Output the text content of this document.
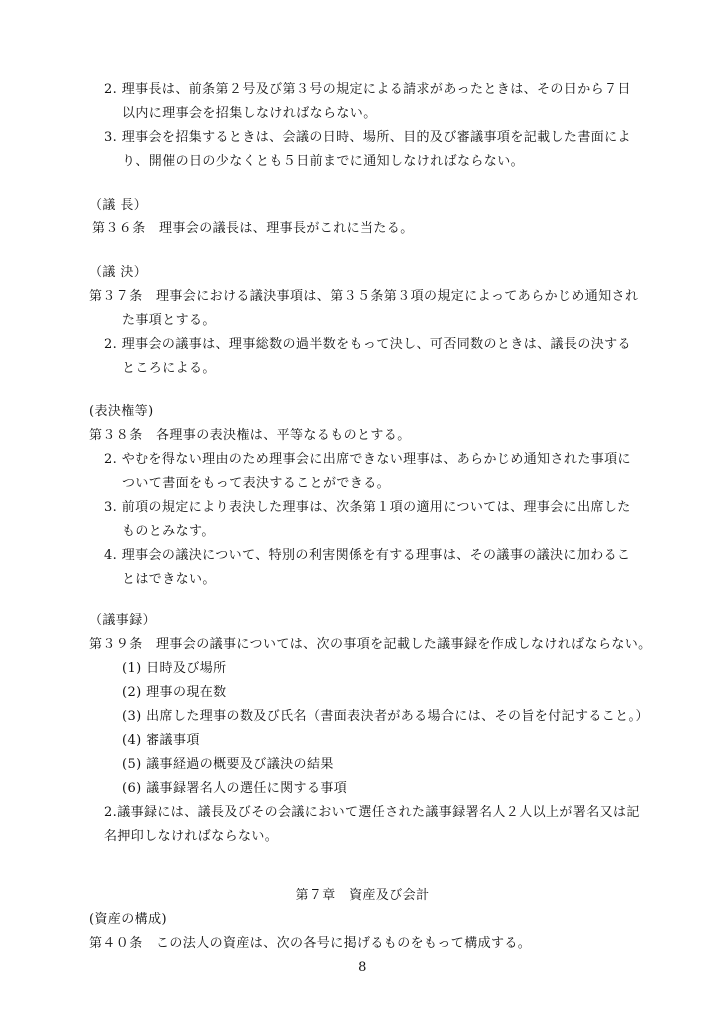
2. 理事長は、前条第２号及び第３号の規定による請求があったときは、その日から７日
以内に理事会を招集しなければならない。
3. 理事会を招集するときは、会議の日時、場所、目的及び審議事項を記載した書面によ
り、開催の日の少なくとも５日前までに通知しなければならない。
（議 長）
第３６条　理事会の議長は、理事長がこれに当たる。
（議 決）
第３７条　理事会における議決事項は、第３５条第３項の規定によってあらかじめ通知され
た事項とする。
2. 理事会の議事は、理事総数の過半数をもって決し、可否同数のときは、議長の決する
ところによる。
(表決権等)
第３８条　各理事の表決権は、平等なるものとする。
2. やむを得ない理由のため理事会に出席できない理事は、あらかじめ通知された事項に
ついて書面をもって表決することができる。
3. 前項の規定により表決した理事は、次条第１項の適用については、理事会に出席した
ものとみなす。
4. 理事会の議決について、特別の利害関係を有する理事は、その議事の議決に加わるこ
とはできない。
（議事録）
第３９条　理事会の議事については、次の事項を記載した議事録を作成しなければならない。
(1) 日時及び場所
(2) 理事の現在数
(3) 出席した理事の数及び氏名（書面表決者がある場合には、その旨を付記すること。）
(4) 審議事項
(5) 議事経過の概要及び議決の結果
(6) 議事録署名人の選任に関する事項
2.議事録には、議長及びその会議において選任された議事録署名人２人以上が署名又は記
名押印しなければならない。
第７章　資産及び会計
(資産の構成)
第４０条　この法人の資産は、次の各号に掲げるものをもって構成する。
8
